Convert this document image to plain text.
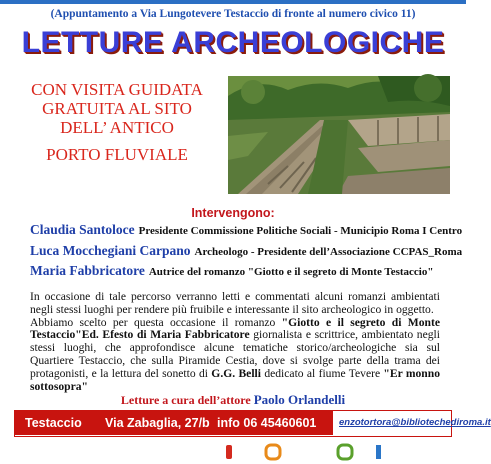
(Appuntamento a Via Lungotevere Testaccio di fronte al numero civico 11)
LETTURE ARCHEOLOGICHE
CON VISITA GUIDATA
GRATUITA AL SITO
DELL’ ANTICO
PORTO FLUVIALE
Intervengono:
Claudia Santoloce Presidente Commissione Politiche Sociali - Municipio Roma I Centro
Luca Mocchegiani Carpano Archeologo - Presidente dell’Associazione CCPAS_Roma
Maria Fabbricatore Autrice del romanzo "Giotto e il segreto di Monte Testaccio"
In occasione di tale percorso verranno letti e commentati alcuni romanzi ambientati negli stessi luoghi per rendere più fruibile e interessante il sito archeologico in oggetto.
Abbiamo scelto per questa occasione il romanzo "Giotto e il segreto di Monte Testaccio"Ed. Efesto di Maria Fabbricatore giornalista e scrittrice, ambientato negli stessi luoghi, che approfondisce alcune tematiche storico/archeologiche sia sul Quartiere Testaccio, che sulla Piramide Cestia, dove si svolge parte della trama dei protagonisti, e la lettura del sonetto di G.G. Belli dedicato al fiume Tevere "Er monno sottosopra"
Letture a cura dell’attore Paolo Orlandelli
Testaccio Via Zabaglia, 27/b info 06 45460601 enzotortora@bibliotechediroma.it
